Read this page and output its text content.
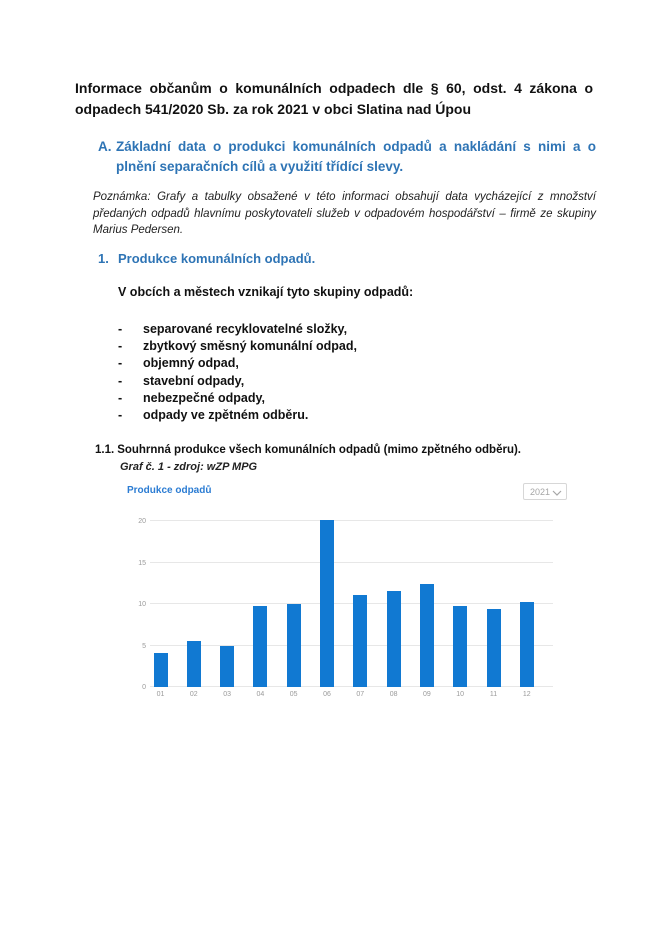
Informace občanům o komunálních odpadech dle § 60, odst. 4 zákona o odpadech 541/2020 Sb. za rok 2021 v obci Slatina nad Úpou
A. Základní data o produkci komunálních odpadů a nakládání s nimi a o plnění separačních cílů a využití třídící slevy.
Poznámka: Grafy a tabulky obsažené v této informaci obsahují data vycházející z množství předaných odpadů hlavnímu poskytovateli služeb v odpadovém hospodářství – firmě ze skupiny Marius Pedersen.
1. Produkce komunálních odpadů.
V obcích a městech vznikají tyto skupiny odpadů:
-	separované recyklovatelné složky,
-	zbytkový směsný komunální odpad,
-	objemný odpad,
-	stavební odpady,
-	nebezpečné odpady,
-	odpady ve zpětném odběru.
1.1. Souhrnná produkce všech komunálních odpadů (mimo zpětného odběru).
Graf č. 1 - zdroj: wZP MPG
Produkce odpadů	2021
0
5
10
15
20
01	02	03	04	05	06	07	08	09	10	11	12
